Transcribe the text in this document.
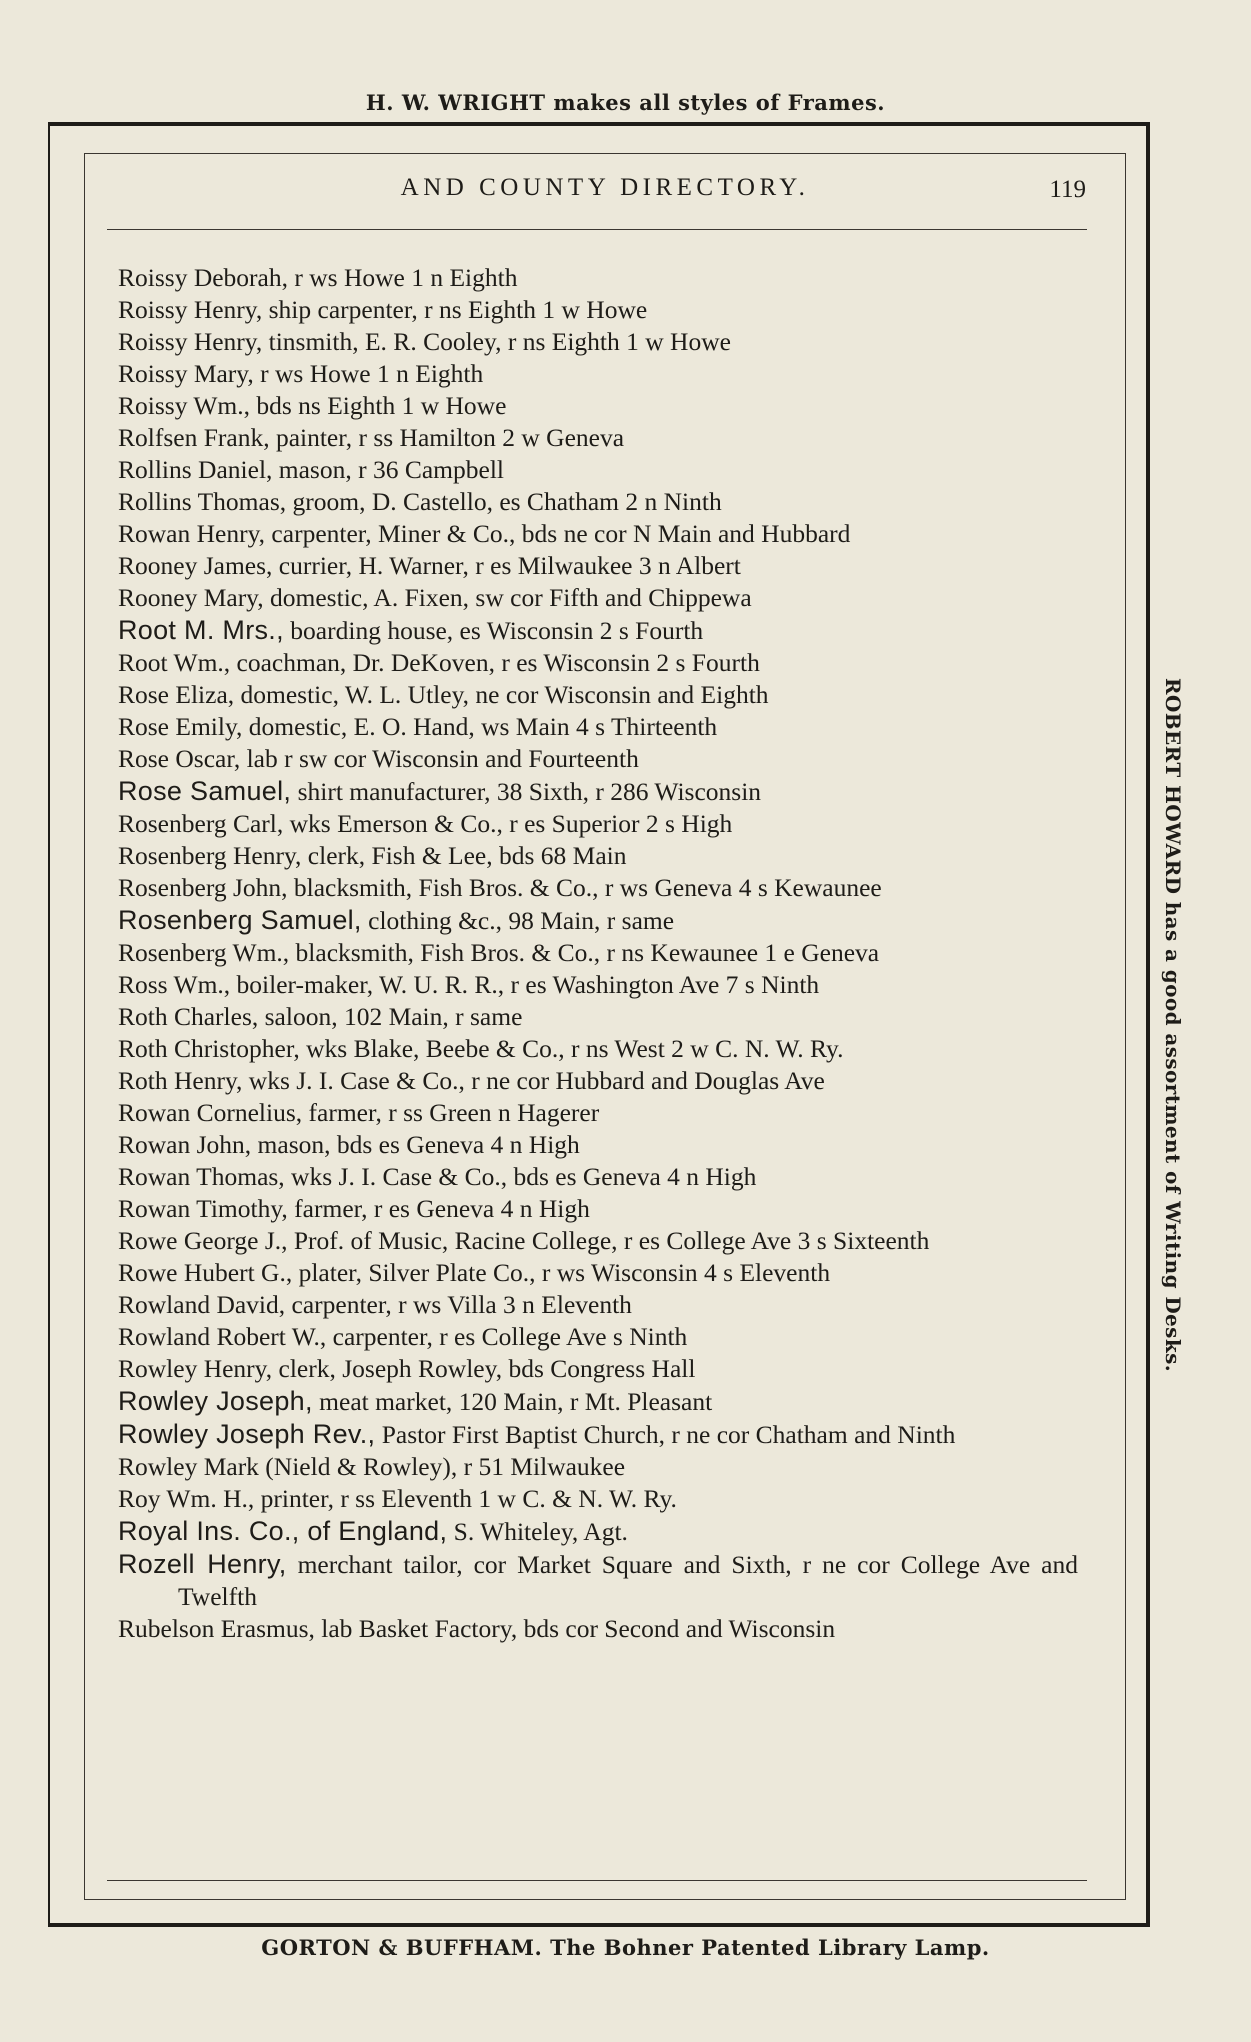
H. W. WRIGHT makes all styles of Frames.
AND COUNTY DIRECTORY.	119
Roissy Deborah, r ws Howe 1 n Eighth
Roissy Henry, ship carpenter, r ns Eighth 1 w Howe
Roissy Henry, tinsmith, E. R. Cooley, r ns Eighth 1 w Howe
Roissy Mary, r ws Howe 1 n Eighth
Roissy Wm., bds ns Eighth 1 w Howe
Rolfsen Frank, painter, r ss Hamilton 2 w Geneva
Rollins Daniel, mason, r 36 Campbell
Rollins Thomas, groom, D. Castello, es Chatham 2 n Ninth
Rowan Henry, carpenter, Miner & Co., bds ne cor N Main and Hubbard
Rooney James, currier, H. Warner, r es Milwaukee 3 n Albert
Rooney Mary, domestic, A. Fixen, sw cor Fifth and Chippewa
Root M. Mrs., boarding house, es Wisconsin 2 s Fourth
Root Wm., coachman, Dr. DeKoven, r es Wisconsin 2 s Fourth
Rose Eliza, domestic, W. L. Utley, ne cor Wisconsin and Eighth
Rose Emily, domestic, E. O. Hand, ws Main 4 s Thirteenth
Rose Oscar, lab r sw cor Wisconsin and Fourteenth
Rose Samuel, shirt manufacturer, 38 Sixth, r 286 Wisconsin
Rosenberg Carl, wks Emerson & Co., r es Superior 2 s High
Rosenberg Henry, clerk, Fish & Lee, bds 68 Main
Rosenberg John, blacksmith, Fish Bros. & Co., r ws Geneva 4 s Kewaunee
Rosenberg Samuel, clothing &c., 98 Main, r same
Rosenberg Wm., blacksmith, Fish Bros. & Co., r ns Kewaunee 1 e Geneva
Ross Wm., boiler-maker, W. U. R. R., r es Washington Ave 7 s Ninth
Roth Charles, saloon, 102 Main, r same
Roth Christopher, wks Blake, Beebe & Co., r ns West 2 w C. N. W. Ry.
Roth Henry, wks J. I. Case & Co., r ne cor Hubbard and Douglas Ave
Rowan Cornelius, farmer, r ss Green n Hagerer
Rowan John, mason, bds es Geneva 4 n High
Rowan Thomas, wks J. I. Case & Co., bds es Geneva 4 n High
Rowan Timothy, farmer, r es Geneva 4 n High
Rowe George J., Prof. of Music, Racine College, r es College Ave 3 s Sixteenth
Rowe Hubert G., plater, Silver Plate Co., r ws Wisconsin 4 s Eleventh
Rowland David, carpenter, r ws Villa 3 n Eleventh
Rowland Robert W., carpenter, r es College Ave s Ninth
Rowley Henry, clerk, Joseph Rowley, bds Congress Hall
Rowley Joseph, meat market, 120 Main, r Mt. Pleasant
Rowley Joseph Rev., Pastor First Baptist Church, r ne cor Chatham and Ninth
Rowley Mark (Nield & Rowley), r 51 Milwaukee
Roy Wm. H., printer, r ss Eleventh 1 w C. & N. W. Ry.
Royal Ins. Co., of England, S. Whiteley, Agt.
Rozell Henry, merchant tailor, cor Market Square and Sixth, r ne cor College Ave and Twelfth
Rubelson Erasmus, lab Basket Factory, bds cor Second and Wisconsin
ROBERT HOWARD has a good assortment of Writing Desks.
GORTON & BUFFHAM. The Bohner Patented Library Lamp.
